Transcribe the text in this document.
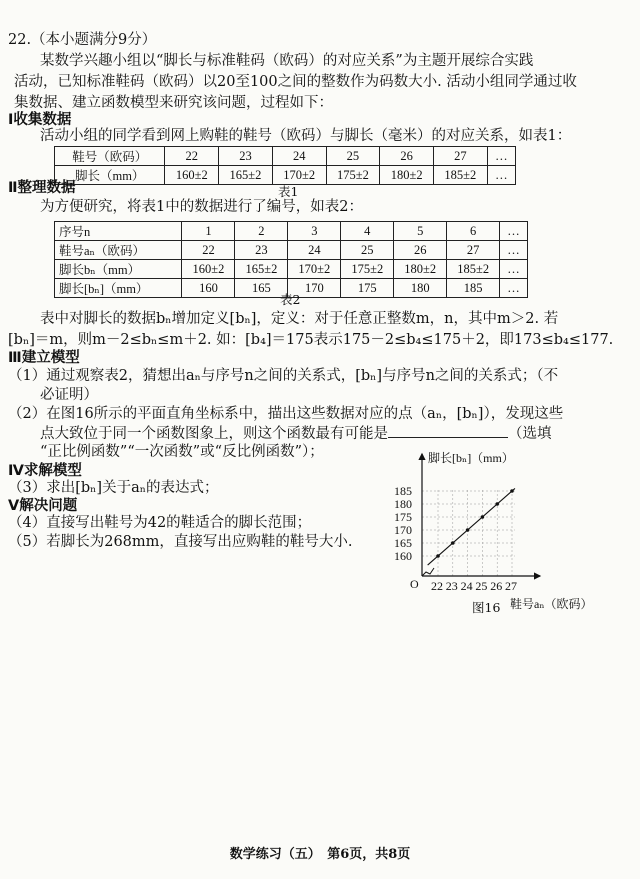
22.（本小题满分9分）
某数学兴趣小组以“脚长与标准鞋码（欧码）的对应关系”为主题开展综合实践
活动，已知标准鞋码（欧码）以20至100之间的整数作为码数大小. 活动小组同学通过收
集数据、建立函数模型来研究该问题，过程如下：
Ⅰ收集数据
活动小组的同学看到网上购鞋的鞋号（欧码）与脚长（毫米）的对应关系，如表1：
鞋号（欧码）	22	23	24	25	26	27	…
脚长（mm）	160±2	165±2	170±2	175±2	180±2	185±2	…
表1
Ⅱ整理数据
为方便研究，将表1中的数据进行了编号，如表2：
序号n	1	2	3	4	5	6	…
鞋号aₙ（欧码）	22	23	24	25	26	27	…
脚长bₙ（mm）	160±2	165±2	170±2	175±2	180±2	185±2	…
脚长[bₙ]（mm）	160	165	170	175	180	185	…
表2
表中对脚长的数据bₙ增加定义[bₙ]，定义：对于任意正整数m，n，其中m＞2. 若
[bₙ]＝m，则m－2≤bₙ≤m＋2. 如：[b₄]＝175表示175－2≤b₄≤175＋2，即173≤b₄≤177.
Ⅲ建立模型
（1）通过观察表2，猜想出aₙ与序号n之间的关系式，[bₙ]与序号n之间的关系式；（不
必证明）
（2）在图16所示的平面直角坐标系中，描出这些数据对应的点（aₙ，[bₙ]），发现这些
点大致位于同一个函数图象上，则这个函数最有可能是	（选填
“正比例函数”“一次函数”或“反比例函数”）；
Ⅳ求解模型
（3）求出[bₙ]关于aₙ的表达式；
Ⅴ解决问题
（4）直接写出鞋号为42的鞋适合的脚长范围；
（5）若脚长为268mm，直接写出应购鞋的鞋号大小.
脚长[bₙ]（mm）
O
鞋号aₙ（欧码）
22 23 24 25 26 27
160
165
170
175
180
185
图16
数学练习（五）　第6页，共8页
